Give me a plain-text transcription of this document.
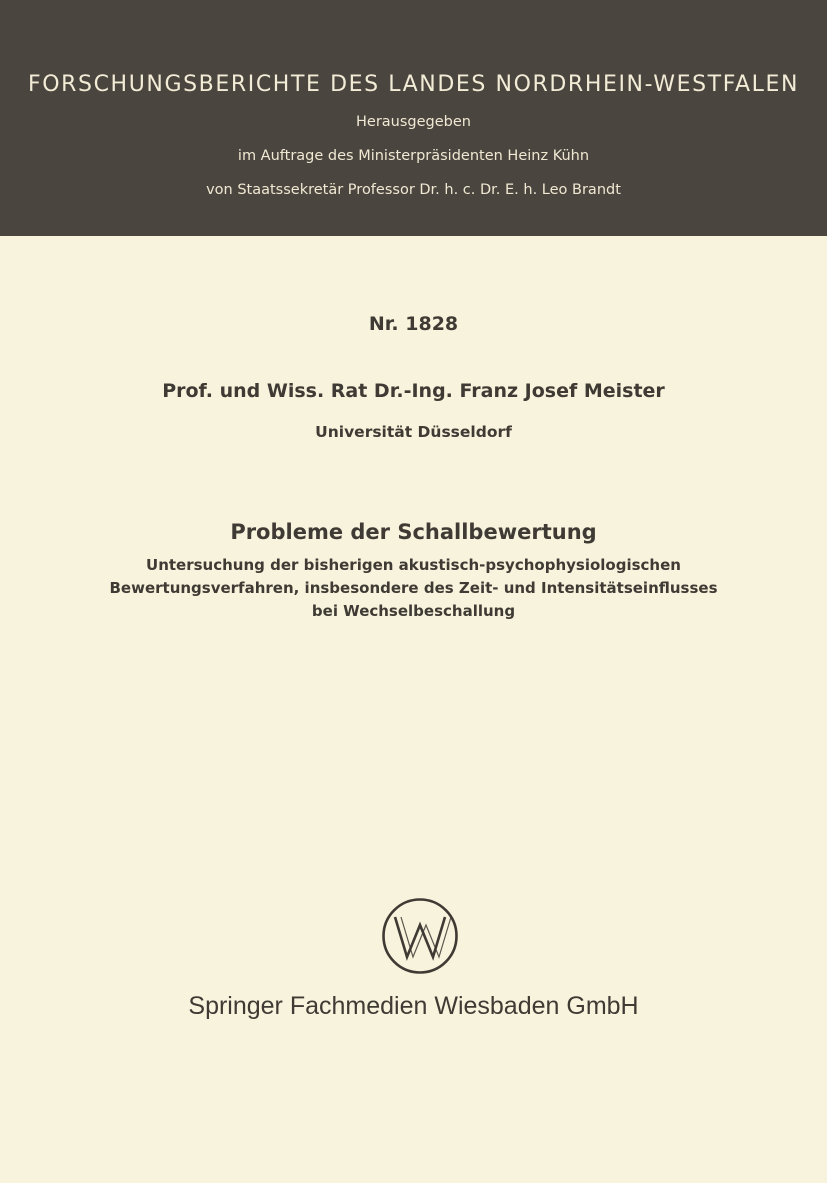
FORSCHUNGSBERICHTE DES LANDES NORDRHEIN-WESTFALEN
Herausgegeben
im Auftrage des Ministerpräsidenten Heinz Kühn
von Staatssekretär Professor Dr. h. c. Dr. E. h. Leo Brandt
Nr. 1828
Prof. und Wiss. Rat Dr.-Ing. Franz Josef Meister
Universität Düsseldorf
Probleme der Schallbewertung
Untersuchung der bisherigen akustisch-psychophysiologischen
Bewertungsverfahren, insbesondere des Zeit- und Intensitätseinflusses
bei Wechselbeschallung
Springer Fachmedien Wiesbaden GmbH
